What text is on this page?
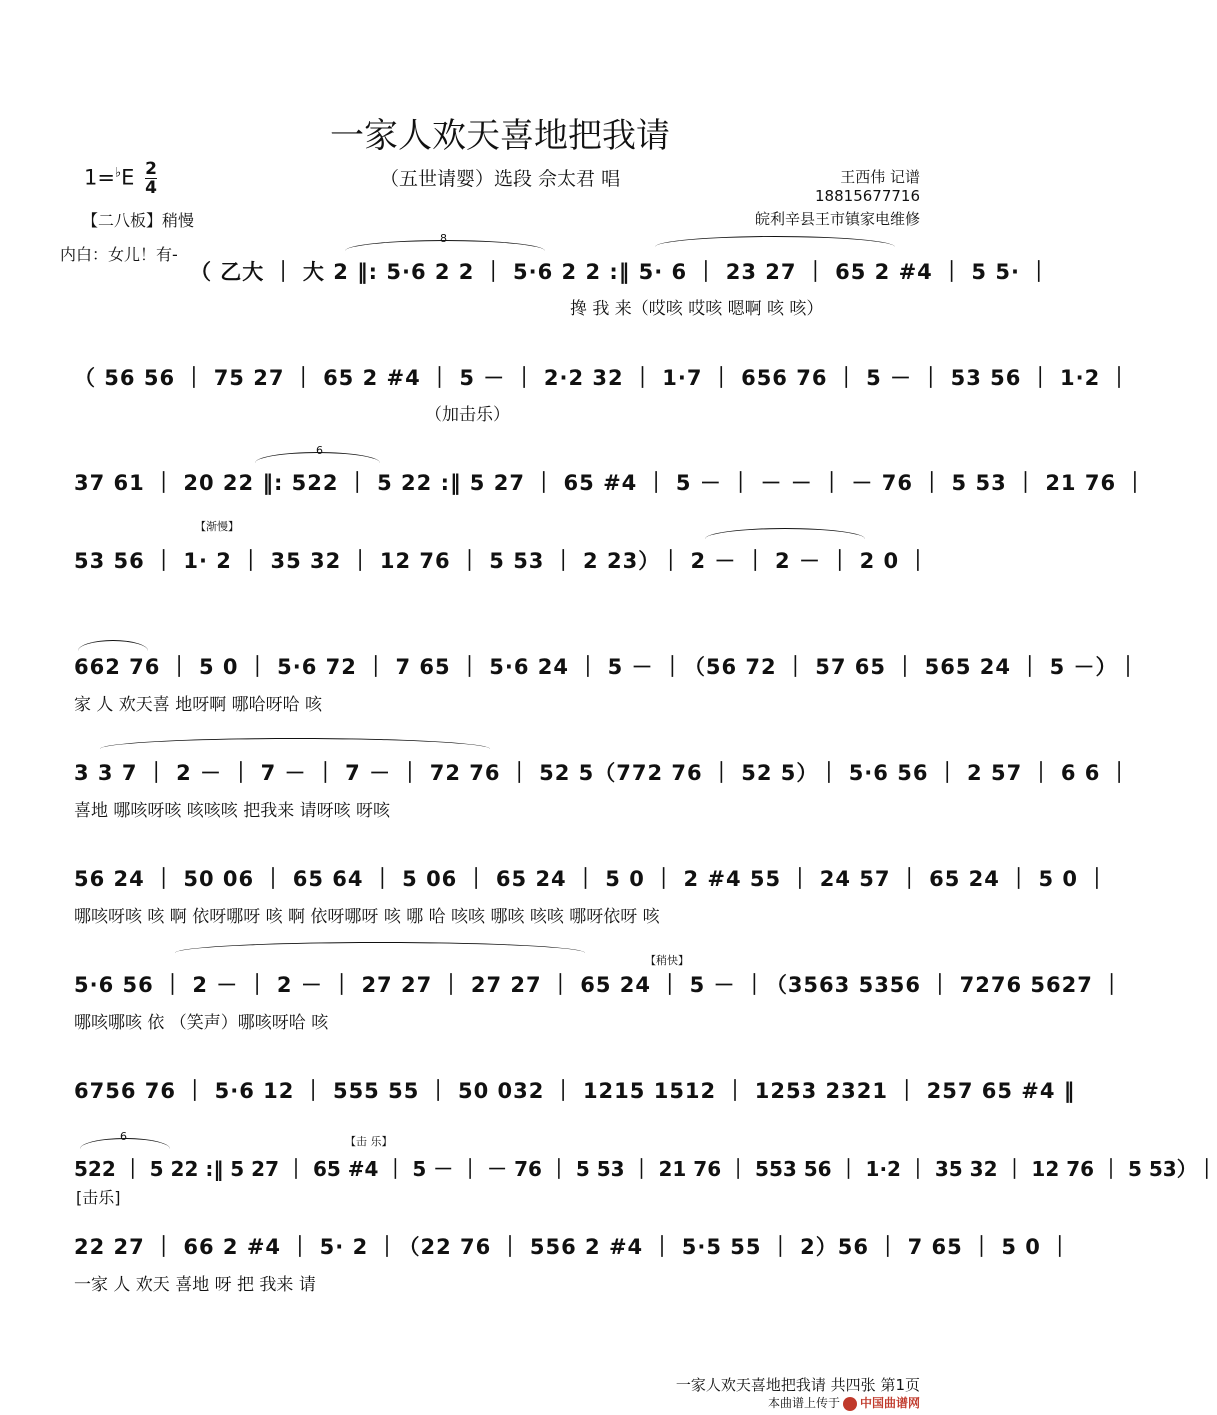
一家人欢天喜地把我请
$1=^♭E \frac{2}{4}$	（五世请婴）选段 佘太君 唱	王西伟 记谱
18815677716
皖利辛县王市镇家电维修
【二八板】稍慢
内白：女儿！有-
8
（ 乙大 ｜ 大 2 ‖: 5·6 2 2 ｜ 5·6 2 2 :‖ 5· 6 ｜ 23 27 ｜ 65 2 #4 ｜ 5 5· ｜
搀 我 来（哎咳 哎咳 嗯啊 咳 咳）
（ 56 56 ｜ 75 27 ｜ 65 2 #4 ｜ 5 － ｜ 2·2 32 ｜ 1·7 ｜ 656 76 ｜ 5 － ｜ 53 56 ｜ 1·2 ｜
（加击乐）
6
37 61 ｜ 20 22 ‖: 522 ｜ 5 22 :‖ 5 27 ｜ 65 #4 ｜ 5 － ｜ － － ｜ － 76 ｜ 5 53 ｜ 21 76 ｜
【渐慢】
53 56 ｜ 1· 2 ｜ 35 32 ｜ 12 76 ｜ 5 53 ｜ 2 23）｜ 2 － ｜ 2 － ｜ 2 0 ｜
662 76 ｜ 5 0 ｜ 5·6 72 ｜ 7 65 ｜ 5·6 24 ｜ 5 － ｜（56 72 ｜ 57 65 ｜ 565 24 ｜ 5 －）｜
家 人 欢天喜 地呀啊 哪哈呀哈 咳
3 3 7 ｜ 2 － ｜ 7 － ｜ 7 － ｜ 72 76 ｜ 52 5（772 76 ｜ 52 5）｜ 5·6 56 ｜ 2 57 ｜ 6 6 ｜
喜地 哪咳呀咳 咳咳咳 把我来 请呀咳 呀咳
56 24 ｜ 50 06 ｜ 65 64 ｜ 5 06 ｜ 65 24 ｜ 5 0 ｜ 2 #4 55 ｜ 24 57 ｜ 65 24 ｜ 5 0 ｜
哪咳呀咳 咳 啊 依呀哪呀 咳 啊 依呀哪呀 咳 哪 哈 咳咳 哪咳 咳咳 哪呀依呀 咳
【稍快】
5·6 56 ｜ 2 － ｜ 2 － ｜ 27 27 ｜ 27 27 ｜ 65 24 ｜ 5 － ｜（3563 5356 ｜ 7276 5627 ｜
哪咳哪咳 依 （笑声）哪咳呀哈 咳
6756 76 ｜ 5·6 12 ｜ 555 55 ｜ 50 032 ｜ 1215 1512 ｜ 1253 2321 ｜ 257 65 #4 ‖
6	【击 乐】
522 ｜ 5 22 :‖ 5 27 ｜ 65 #4 ｜ 5 － ｜ － 76 ｜ 5 53 ｜ 21 76 ｜ 553 56 ｜ 1·2 ｜ 35 32 ｜ 12 76 ｜ 5 53）｜
[击乐]
22 27 ｜ 66 2 #4 ｜ 5· 2 ｜（22 76 ｜ 556 2 #4 ｜ 5·5 55 ｜ 2）56 ｜ 7 65 ｜ 5 0 ｜
一家 人 欢天 喜地 呀 把 我来 请
一家人欢天喜地把我请 共四张 第1页
本曲谱上传于 中国曲谱网
